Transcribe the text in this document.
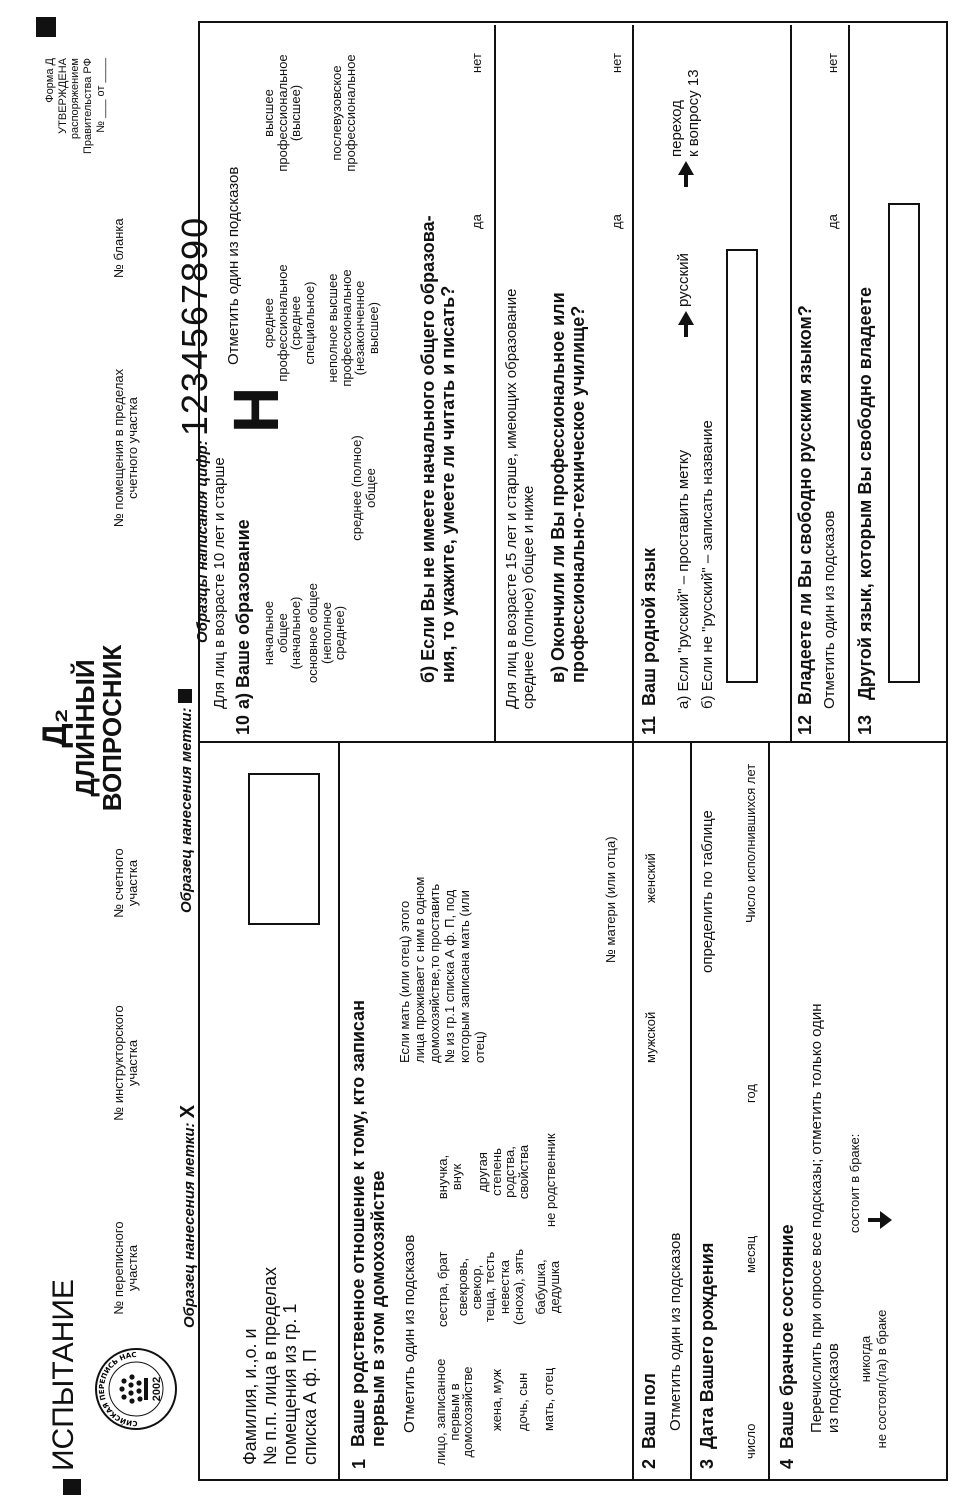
ИСПЫТАНИЕ	СИЙСКАЯ ПЕРЕПИСЬ НАС
2002
№ переписного участка
№ инструкторского участка
№ счетного участка
Д₂
ДЛИННЫЙ
ВОПРОСНИК
№ помещения в пределах счетного участка
№ бланка
Форма Д УТВЕРЖДЕНА распоряжением Правительства РФ № ___ от ____
Образец нанесения метки: X
Образец нанесения метки:
Образцы написания цифр: 1234567890
Фамилия, и.,о. и № п.п. лица в пределах помещения из гр. 1 списка А ф. П 1
Ваше родственное отношение к тому, кто записан первым в этом домохозяйстве Отметить один из подсказов лицо, записанное первым в домохозяйстве жена, муж дочь, сын мать, отец
сестра, брат свекровь, свекор, теща, тесть невестка (сноха), зять бабушка, дедушка
внучка, внук другая степень родства, свойства не родственник
Если мать (или отец) этого лица проживает с ним в одном домохозяйстве,то проставить № из гр.1 списка А ф. П, под которым записана мать (или отец)
№ матери (или отца)
2  Ваш пол Отметить один из подсказов
мужской
женский
3  Дата Вашего рождения
определить по таблице
число
месяц
год
Число исполнившихся лет
4  Ваше брачное состояние Перечислить при опросе все подсказы; отметить только один из подсказов никогда не состоял(ла) в браке
состоит в браке:
10
Для лиц в возрасте 10 лет и старше а) Ваше образование
Н
Отметить один из подсказов
начальное общее (начальное) основное общее (неполное среднее)
среднее (полное) общее
среднее профессиональное (среднее специальное) неполное высшее профессиональное (незаконченное высшее)
высшее профессиональное (высшее) послевузовское профессиональное
б) Если Вы не имеете начального общего образова- ния, то укажите, умеете ли читать и писать?
да
нет
Для лиц в возрасте 15 лет и старше, имеющих образование среднее (полное) общее и ниже в) Окончили ли Вы профессиональное или профессионально-техническое училище?
да
нет
11  Ваш родной язык а) Если "русский" – проставить метку
русский
переход к вопросу 13
б) Если не "русский" – записать название
12  Владеете ли Вы свободно русским языком? Отметить один из подсказов
да
нет
13   Другой язык, которым Вы свободно владеете
